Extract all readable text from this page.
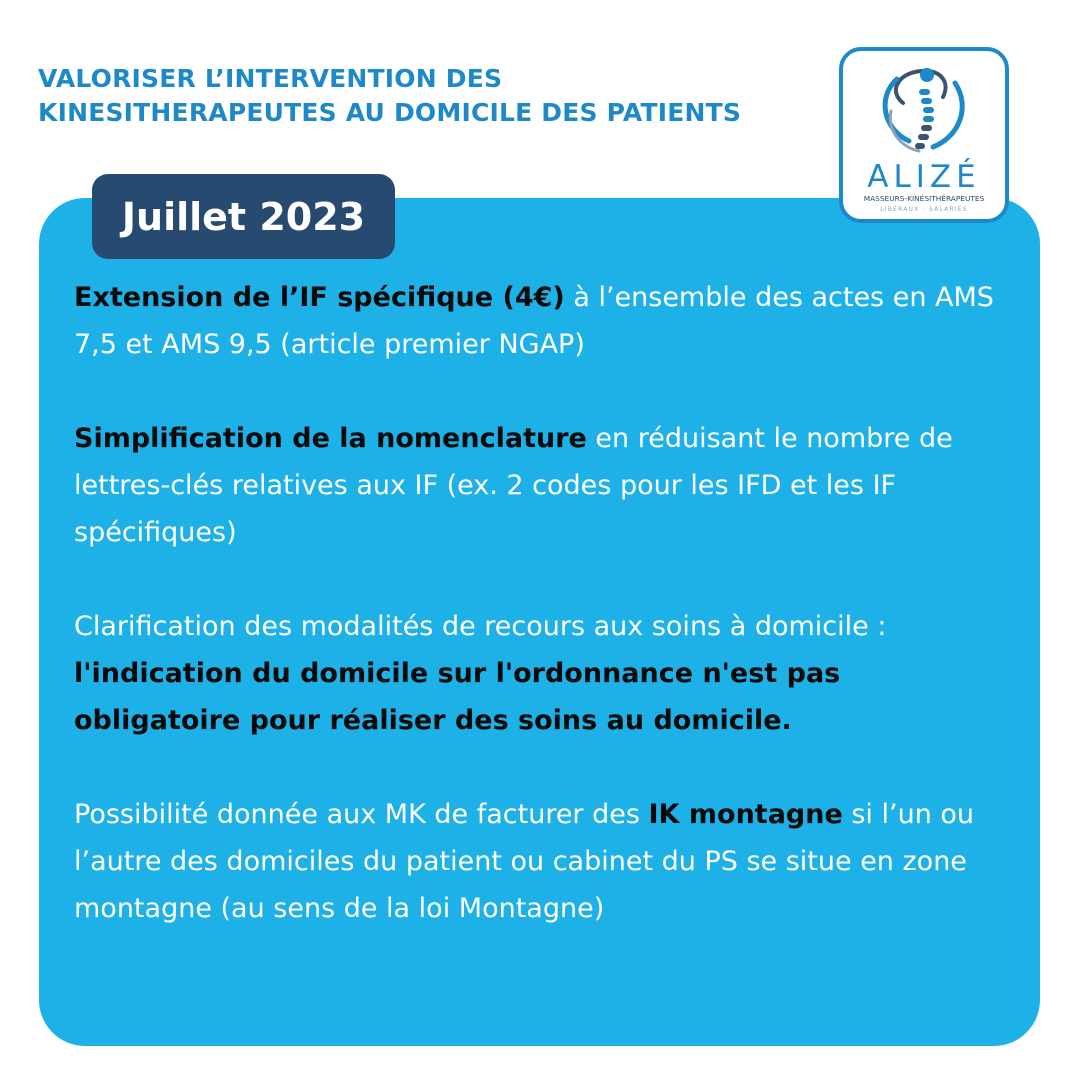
VALORISER L’INTERVENTION DES
KINESITHERAPEUTES AU DOMICILE DES PATIENTS
ALIZÉ
MASSEURS-KINÉSITHÉRAPEUTES
LIBÉRAUX - SALARIÉS
Juillet 2023

Extension de l’IF spécifique (4€) à l’ensemble des actes en AMS 7,5 et AMS 9,5 (article premier NGAP)

Simplification de la nomenclature en réduisant le nombre de lettres-clés relatives aux IF (ex. 2 codes pour les IFD et les IF spécifiques)

Clarification des modalités de recours aux soins à domicile : l'indication du domicile sur l'ordonnance n'est pas obligatoire pour réaliser des soins au domicile.

Possibilité donnée aux MK de facturer des IK montagne si l’un ou l’autre des domiciles du patient ou cabinet du PS se situe en zone montagne (au sens de la loi Montagne)
